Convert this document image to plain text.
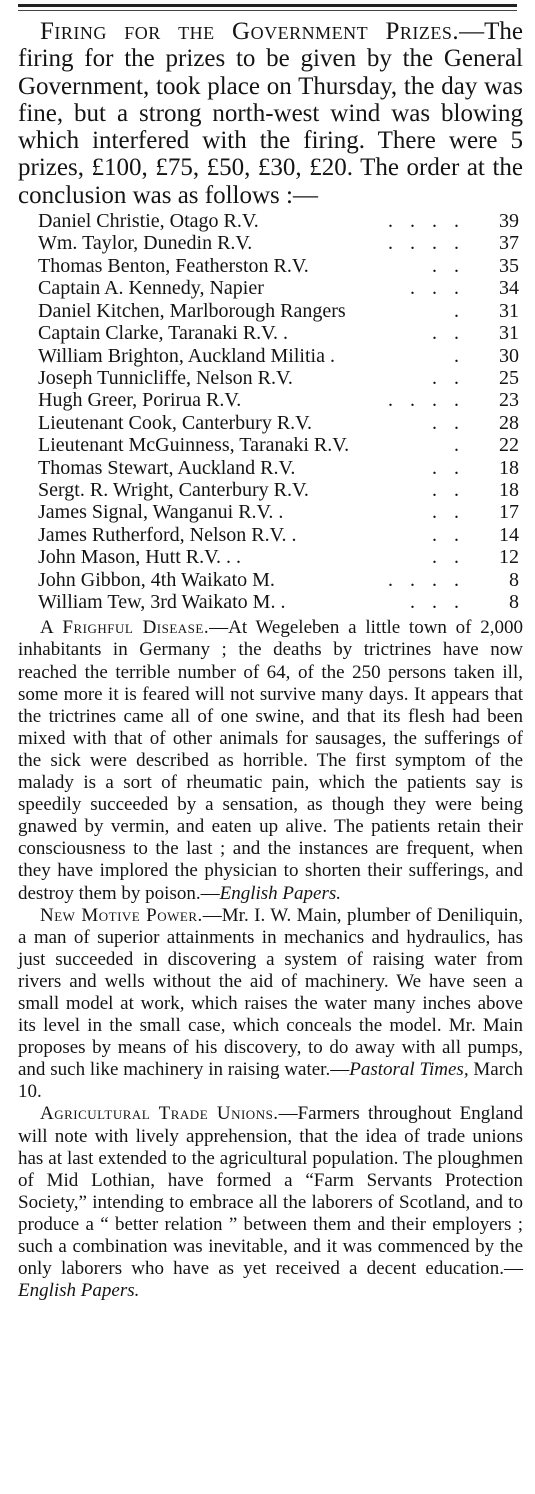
Firing for the Government Prizes.—The firing for the prizes to be given by the General Government, took place on Thursday, the day was fine, but a strong north-west wind was blowing which interfered with the firing. There were 5 prizes, £100, £75, £50, £30, £20. The order at the conclusion was as follows :—

Daniel Christie, Otago R.V.	. . . .	39
Wm. Taylor, Dunedin R.V.	. . . .	37
Thomas Benton, Featherston R.V.	. .	35
Captain A. Kennedy, Napier	. . .	34
Daniel Kitchen, Marlborough Rangers	.	31
Captain Clarke, Taranaki R.V. .	. .	31
William Brighton, Auckland Militia .	.	30
Joseph Tunnicliffe, Nelson R.V.	. .	25
Hugh Greer, Porirua R.V.	. . . .	23
Lieutenant Cook, Canterbury R.V.	. .	28
Lieutenant McGuinness, Taranaki R.V.	.	22
Thomas Stewart, Auckland R.V.	. .	18
Sergt. R. Wright, Canterbury R.V.	. .	18
James Signal, Wanganui R.V. .	. .	17
James Rutherford, Nelson R.V. .	. .	14
John Mason, Hutt R.V. . .	. .	12
John Gibbon, 4th Waikato M.	. . . .	8
William Tew, 3rd Waikato M. .	. . .	8

A Frighful Disease.—At Wegeleben a little town of 2,000 inhabitants in Germany ; the deaths by trictrines have now reached the terrible number of 64, of the 250 persons taken ill, some more it is feared will not survive many days. It appears that the trictrines came all of one swine, and that its flesh had been mixed with that of other animals for sausages, the sufferings of the sick were described as horrible. The first symptom of the malady is a sort of rheumatic pain, which the patients say is speedily succeeded by a sensation, as though they were being gnawed by vermin, and eaten up alive. The patients retain their consciousness to the last ; and the instances are frequent, when they have implored the physician to shorten their sufferings, and destroy them by poison.—English Papers.

New Motive Power.—Mr. I. W. Main, plumber of Deniliquin, a man of superior attainments in mechanics and hydraulics, has just succeeded in discovering a system of raising water from rivers and wells without the aid of machinery. We have seen a small model at work, which raises the water many inches above its level in the small case, which conceals the model. Mr. Main proposes by means of his discovery, to do away with all pumps, and such like machinery in raising water.—Pastoral Times, March 10.

Agricultural Trade Unions.—Farmers throughout England will note with lively apprehension, that the idea of trade unions has at last extended to the agricultural population. The ploughmen of Mid Lothian, have formed a “Farm Servants Protection Society,” intending to embrace all the laborers of Scotland, and to produce a “ better relation ” between them and their employers ; such a combination was inevitable, and it was commenced by the only laborers who have as yet received a decent education.—English Papers.
